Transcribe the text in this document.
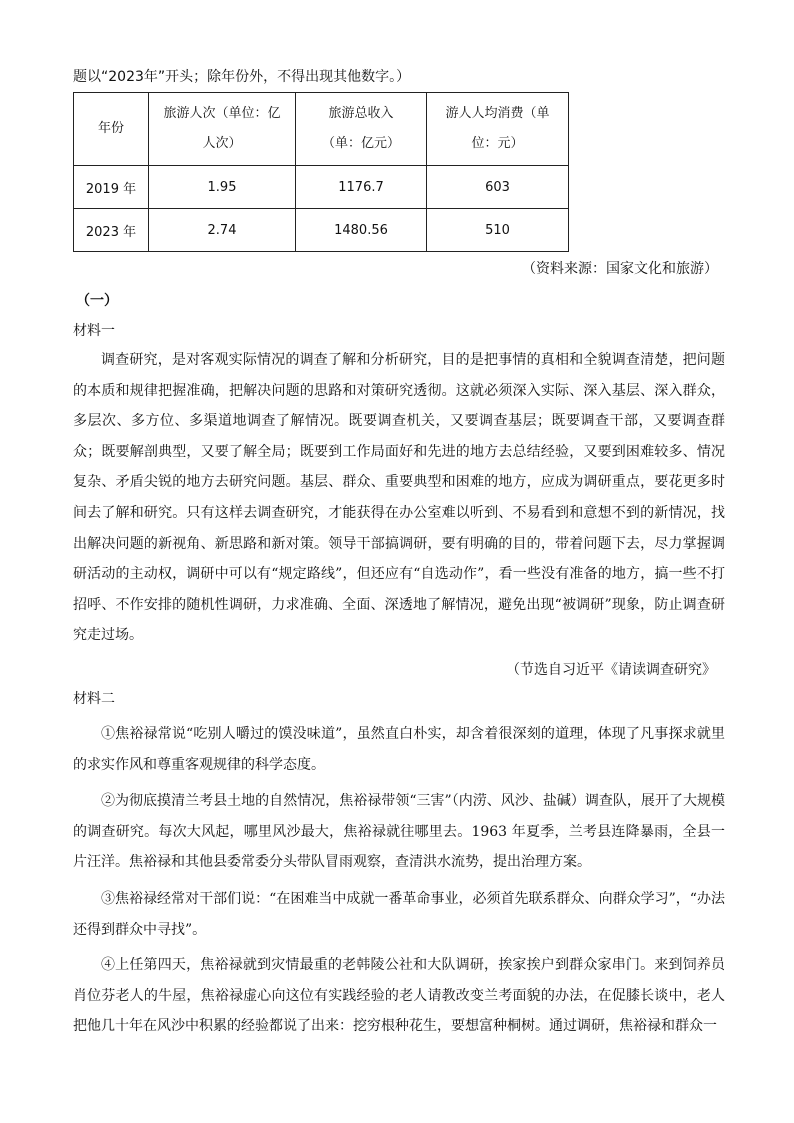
题以“2023年”开头；除年份外，不得出现其他数字。）
年份	旅游人次（单位：亿人次）	旅游总收入（单：亿元）	游人人均消费（单位：元）
2019 年	1.95	1176.7	603
2023 年	2.74	1480.56	510
（资料来源：国家文化和旅游）
（一）
材料一

调查研究，是对客观实际情况的调查了解和分析研究，目的是把事情的真相和全貌调查清楚，把问题的本质和规律把握准确，把解决问题的思路和对策研究透彻。这就必须深入实际、深入基层、深入群众，多层次、多方位、多渠道地调查了解情况。既要调查机关，又要调查基层；既要调查干部，又要调查群众；既要解剖典型，又要了解全局；既要到工作局面好和先进的地方去总结经验，又要到困难较多、情况复杂、矛盾尖锐的地方去研究问题。基层、群众、重要典型和困难的地方，应成为调研重点，要花更多时间去了解和研究。只有这样去调查研究，才能获得在办公室难以听到、不易看到和意想不到的新情况，找出解决问题的新视角、新思路和新对策。领导干部搞调研，要有明确的目的，带着问题下去，尽力掌握调研活动的主动权，调研中可以有“规定路线”，但还应有“自选动作”，看一些没有准备的地方，搞一些不打招呼、不作安排的随机性调研，力求准确、全面、深透地了解情况，避免出现“被调研”现象，防止调查研究走过场。

（节选自习近平《请读调查研究》
材料二

①焦裕禄常说“吃别人嚼过的馍没味道”，虽然直白朴实，却含着很深刻的道理，体现了凡事探求就里的求实作风和尊重客观规律的科学态度。

②为彻底摸清兰考县土地的自然情况，焦裕禄带领“三害”（内涝、风沙、盐碱）调查队，展开了大规模的调查研究。每次大风起，哪里风沙最大，焦裕禄就往哪里去。1963 年夏季，兰考县连降暴雨，全县一片汪洋。焦裕禄和其他县委常委分头带队冒雨观察，查清洪水流势，提出治理方案。

③焦裕禄经常对干部们说：“在困难当中成就一番革命事业，必须首先联系群众、向群众学习”，“办法还得到群众中寻找”。

④上任第四天，焦裕禄就到灾情最重的老韩陵公社和大队调研，挨家挨户到群众家串门。来到饲养员肖位芬老人的牛屋，焦裕禄虚心向这位有实践经验的老人请教改变兰考面貌的办法，在促膝长谈中，老人把他几十年在风沙中积累的经验都说了出来：挖穷根种花生，要想富种桐树。通过调研，焦裕禄和群众一
